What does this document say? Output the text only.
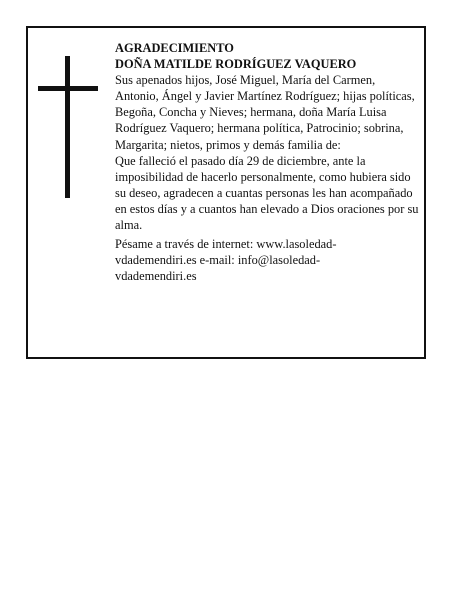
AGRADECIMIENTO

DOÑA MATILDE RODRÍGUEZ VAQUERO

Sus apenados hijos, José Miguel, María del Carmen, Antonio, Ángel y Javier Martínez Rodríguez; hijas políticas, Begoña, Concha y Nieves; hermana, doña María Luisa Rodríguez Vaquero; hermana política, Patrocinio; sobrina, Margarita; nietos, primos y demás familia de:

Que falleció el pasado día 29 de diciembre, ante la imposibilidad de hacerlo personalmente, como hubiera sido su deseo, agradecen a cuantas personas les han acompañado en estos días y a cuantos han elevado a Dios oraciones por su alma.

Pésame a través de internet: www.lasoledad-
vdademendiri.es e-mail: info@lasoledad-
vdademendiri.es
